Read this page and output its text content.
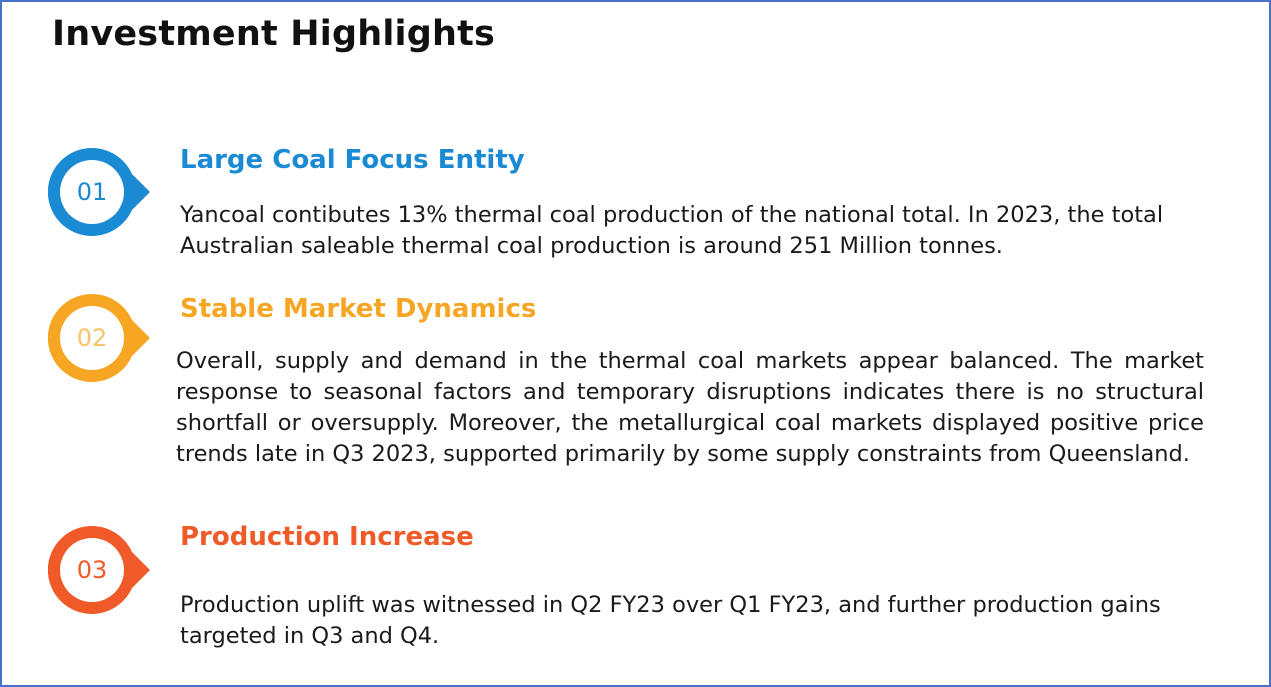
Investment Highlights
01
Large Coal Focus Entity

Yancoal contibutes 13% thermal coal production of the national total. In 2023, the total Australian saleable thermal coal production is around 251 Million tonnes.

02
Stable Market Dynamics

Overall, supply and demand in the thermal coal markets appear balanced. The market response to seasonal factors and temporary disruptions indicates there is no structural shortfall or oversupply. Moreover, the metallurgical coal markets displayed positive price trends late in Q3 2023, supported primarily by some supply constraints from Queensland.

03
Production Increase

Production uplift was witnessed in Q2 FY23 over Q1 FY23, and further production gains targeted in Q3 and Q4.
